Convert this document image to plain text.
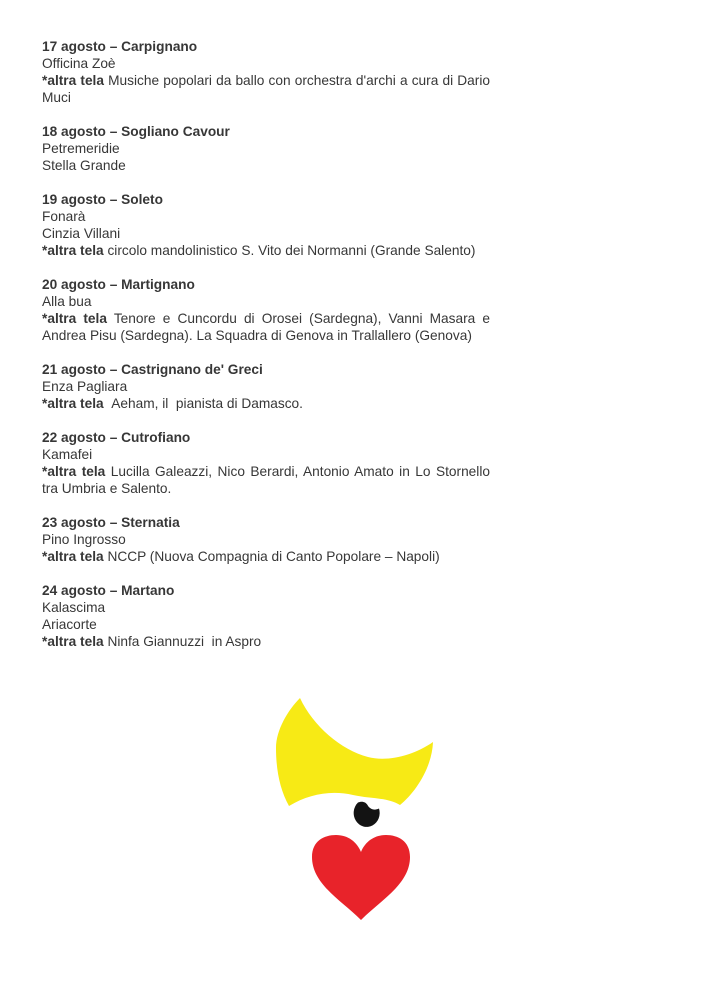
17 agosto – Carpignano
Officina Zoè

*altra tela Musiche popolari da ballo con orchestra d'archi a cura di Dario Muci

18 agosto – Sogliano Cavour
Petremeridie
Stella Grande
19 agosto – Soleto
Fonarà
Cinzia Villani

*altra tela circolo mandolinistico S. Vito dei Normanni (Grande Salento)

20 agosto – Martignano
Alla bua

*altra tela Tenore e Cuncordu di Orosei (Sardegna), Vanni Masara e Andrea Pisu (Sardegna). La Squadra di Genova in Trallallero (Genova)

21 agosto – Castrignano de' Greci
Enza Pagliara

*altra tela  Aeham, il  pianista di Damasco.

22 agosto – Cutrofiano
Kamafei

*altra tela Lucilla Galeazzi, Nico Berardi, Antonio Amato in Lo Stornello tra Umbria e Salento.

23 agosto – Sternatia
Pino Ingrosso

*altra tela NCCP (Nuova Compagnia di Canto Popolare – Napoli)

24 agosto – Martano
Kalascima
Ariacorte

*altra tela Ninfa Giannuzzi  in Aspro
